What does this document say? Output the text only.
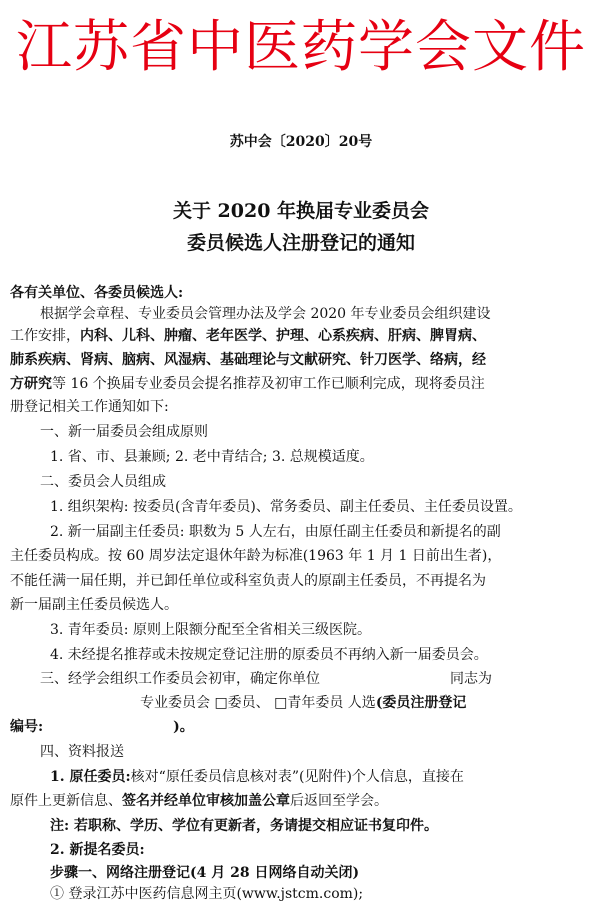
江苏省中医药学会文件
苏中会〔2020〕20号
关于 2020 年换届专业委员会
委员候选人注册登记的通知
各有关单位、各委员候选人:
根据学会章程、专业委员会管理办法及学会 2020 年专业委员会组织建设
工作安排，内科、儿科、肿瘤、老年医学、护理、心系疾病、肝病、脾胃病、
肺系疾病、肾病、脑病、风湿病、基础理论与文献研究、针刀医学、络病，经
方研究等 16 个换届专业委员会提名推荐及初审工作已顺利完成，现将委员注
册登记相关工作通知如下:
一、新一届委员会组成原则
1. 省、市、县兼顾; 2. 老中青结合; 3. 总规模适度。
二、委员会人员组成
1. 组织架构: 按委员(含青年委员)、常务委员、副主任委员、主任委员设置。
2. 新一届副主任委员: 职数为 5 人左右，由原任副主任委员和新提名的副
主任委员构成。按 60 周岁法定退休年龄为标准(1963 年 1 月 1 日前出生者)，
不能任满一届任期，并已卸任单位或科室负责人的原副主任委员，不再提名为
新一届副主任委员候选人。
3. 青年委员: 原则上限额分配至全省相关三级医院。
4. 未经提名推荐或未按规定登记注册的原委员不再纳入新一届委员会。
三、经学会组织工作委员会初审，确定你单位	同志为
专业委员会 □委员、 □青年委员 人选(委员注册登记
编号:	)。
四、资料报送
1. 原任委员:核对“原任委员信息核对表”(见附件)个人信息，直接在
原件上更新信息、签名并经单位审核加盖公章后返回至学会。
注: 若职称、学历、学位有更新者，务请提交相应证书复印件。
2. 新提名委员:
步骤一、网络注册登记(4 月 28 日网络自动关闭)
① 登录江苏中医药信息网主页(www.jstcm.com);
